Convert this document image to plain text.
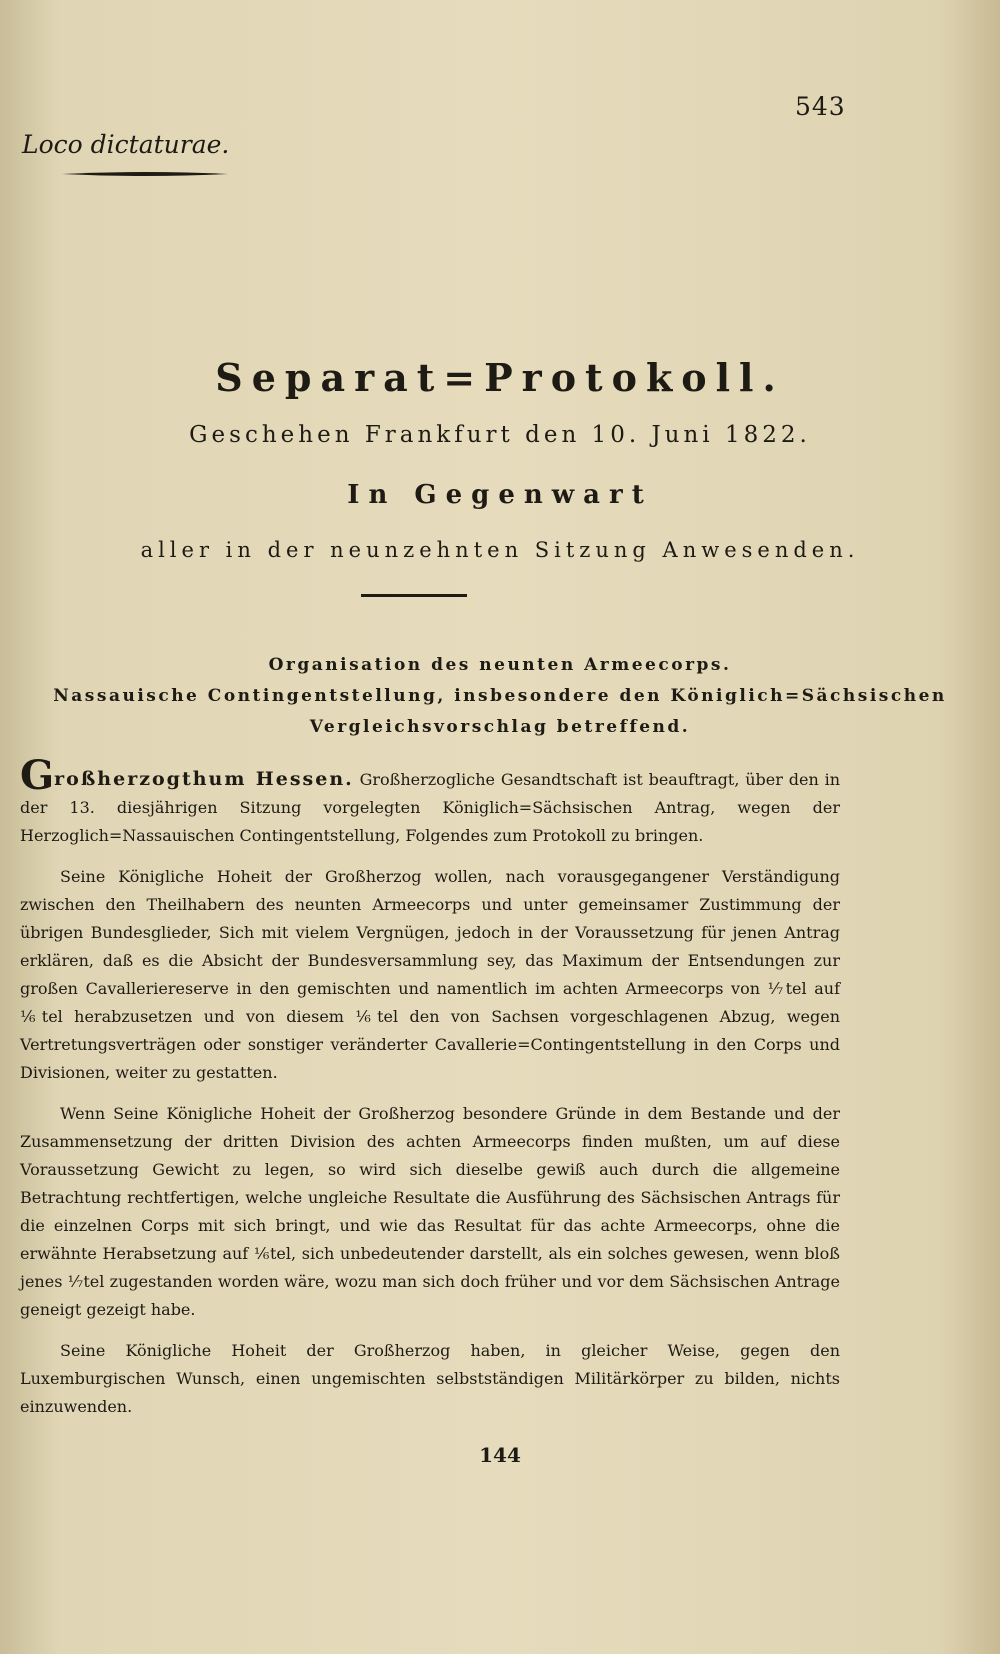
543
Loco dictaturae.
Separat=Protokoll.
Geschehen Frankfurt den 10. Juni 1822.
In Gegenwart
aller in der neunzehnten Sitzung Anwesenden.
Organisation des neunten Armeecorps.
Nassauische Contingentstellung, insbesondere den Königlich=Sächsischen
Vergleichsvorschlag betreffend.

Großherzogthum Hessen. Großherzogliche Gesandtschaft ist beauftragt, über den in der 13. diesjährigen Sitzung vorgelegten Königlich=Sächsischen Antrag, wegen der Herzoglich=Nassauischen Contingentstellung, Folgendes zum Protokoll zu bringen.

Seine Königliche Hoheit der Großherzog wollen, nach vorausgegangener Verständigung zwischen den Theilhabern des neunten Armeecorps und unter gemeinsamer Zustimmung der übrigen Bundesglieder, Sich mit vielem Vergnügen, jedoch in der Voraussetzung für jenen Antrag erklären, daß es die Absicht der Bundesversammlung sey, das Maximum der Entsendungen zur großen Cavalleriereserve in den gemischten und namentlich im achten Armeecorps von ⅐tel auf ⅙tel herabzusetzen und von diesem ⅙tel den von Sachsen vorgeschlagenen Abzug, wegen Vertretungsverträgen oder sonstiger veränderter Cavallerie=Contingentstellung in den Corps und Divisionen, weiter zu gestatten.

Wenn Seine Königliche Hoheit der Großherzog besondere Gründe in dem Bestande und der Zusammensetzung der dritten Division des achten Armeecorps finden mußten, um auf diese Voraussetzung Gewicht zu legen, so wird sich dieselbe gewiß auch durch die allgemeine Betrachtung rechtfertigen, welche ungleiche Resultate die Ausführung des Sächsischen Antrags für die einzelnen Corps mit sich bringt, und wie das Resultat für das achte Armeecorps, ohne die erwähnte Herabsetzung auf ⅙tel, sich unbedeutender darstellt, als ein solches gewesen, wenn bloß jenes ⅐tel zugestanden worden wäre, wozu man sich doch früher und vor dem Sächsischen Antrage geneigt gezeigt habe.

Seine Königliche Hoheit der Großherzog haben, in gleicher Weise, gegen den Luxemburgischen Wunsch, einen ungemischten selbstständigen Militärkörper zu bilden, nichts einzuwenden.

144
